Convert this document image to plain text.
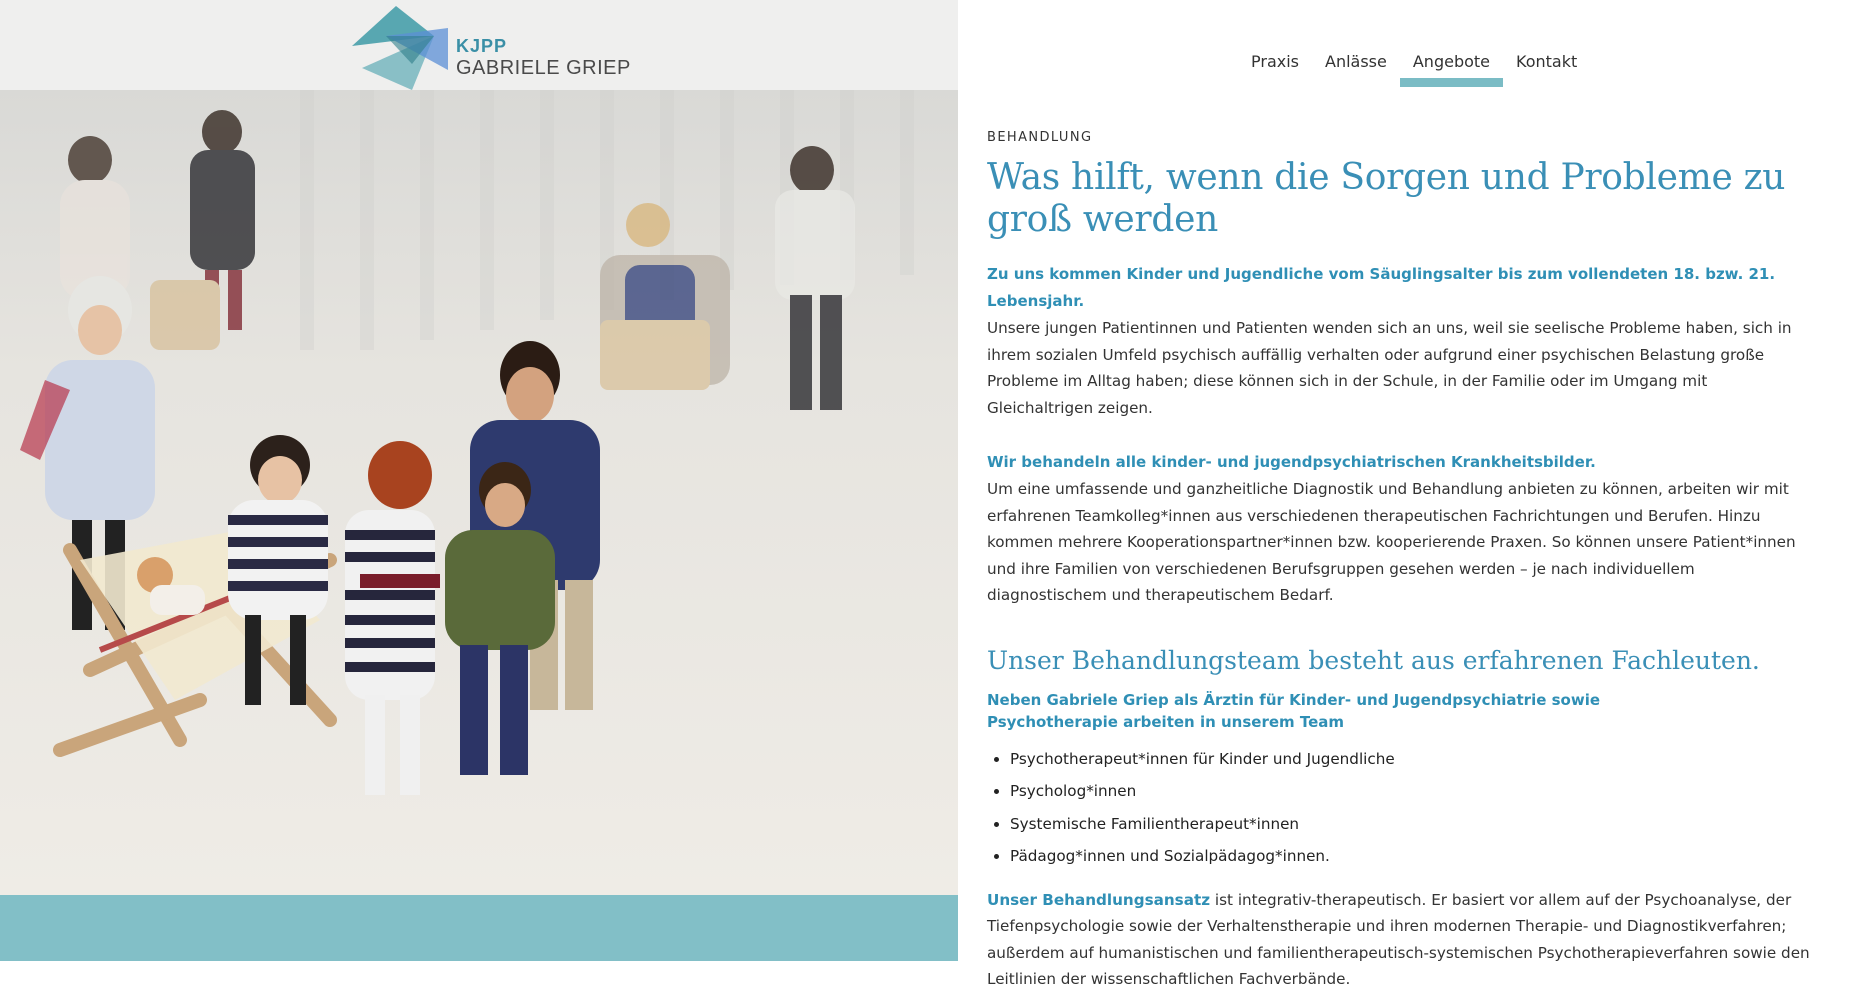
KJPP
GABRIELE GRIEP	Praxis	Anlässe	Angebote	Kontakt
BEHANDLUNG
Was hilft, wenn die Sorgen und Probleme zu groß werden

Zu uns kommen Kinder und Jugendliche vom Säuglingsalter bis zum vollendeten 18. bzw. 21. Lebensjahr.

Unsere jungen Patientinnen und Patienten wenden sich an uns, weil sie seelische Probleme haben, sich in ihrem sozialen Umfeld psychisch auffällig verhalten oder aufgrund einer psychischen Belastung große Probleme im Alltag haben; diese können sich in der Schule, in der Familie oder im Umgang mit Gleichaltrigen zeigen.

Wir behandeln alle kinder- und jugendpsychiatrischen Krankheitsbilder.

Um eine umfassende und ganzheitliche Diagnostik und Behandlung anbieten zu können, arbeiten wir mit erfahrenen Teamkolleg*innen aus verschiedenen therapeutischen Fachrichtungen und Berufen. Hinzu kommen mehrere Kooperationspartner*innen bzw. kooperierende Praxen. So können unsere Patient*innen und ihre Familien von verschiedenen Berufsgruppen gesehen werden – je nach individuellem diagnostischem und therapeutischem Bedarf.

Unser Behandlungsteam besteht aus erfahrenen Fachleuten.

Neben Gabriele Griep als Ärztin für Kinder- und Jugendpsychiatrie sowie Psychotherapie arbeiten in unserem Team

• Psychotherapeut*innen für Kinder und Jugendliche
• Psycholog*innen
• Systemische Familientherapeut*innen
• Pädagog*innen und Sozialpädagog*innen.

Unser Behandlungsansatz ist integrativ-therapeutisch. Er basiert vor allem auf der Psychoanalyse, der Tiefenpsychologie sowie der Verhaltenstherapie und ihren modernen Therapie- und Diagnostikverfahren; außerdem auf humanistischen und familientherapeutisch-systemischen Psychotherapieverfahren sowie den Leitlinien der wissenschaftlichen Fachverbände.
